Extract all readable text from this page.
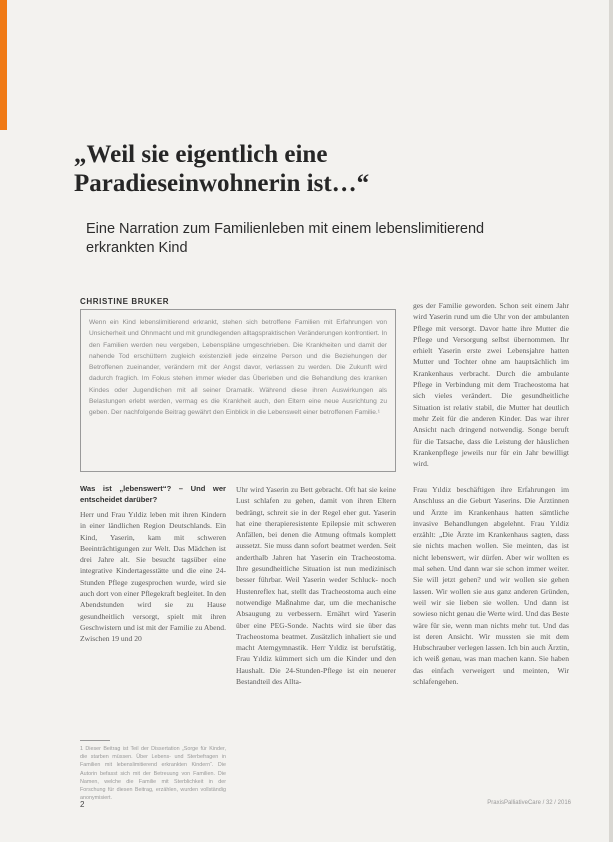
„Weil sie eigentlich eine Paradieseinwohnerin ist…“
Eine Narration zum Familienleben mit einem lebenslimitierend erkrankten Kind
CHRISTINE BRUKER

Wenn ein Kind lebenslimitierend erkrankt, stehen sich betroffene Familien mit Erfahrungen von Unsicherheit und Ohnmacht und mit grundlegenden alltagspraktischen Veränderungen konfrontiert. In den Familien werden neu vergeben, Lebenspläne umgeschrieben. Die Krankheiten und damit der nahende Tod erschüttern zugleich existenziell jede einzelne Person und die Beziehungen der Betroffenen zueinander, verändern mit der Angst davor, verlassen zu werden. Die Zukunft wird dadurch fraglich. Im Fokus stehen immer wieder das Überleben und die Behandlung des kranken Kindes oder Jugendlichen mit all seiner Dramatik. Während diese ihren Auswirkungen als Belastungen erlebt werden, vermag es die Krankheit auch, den Eltern eine neue Ausrichtung zu geben. Der nachfolgende Beitrag gewährt den Einblick in die Lebenswelt einer betroffenen Familie.¹

ges der Familie geworden. Schon seit einem Jahr wird Yaserin rund um die Uhr von der ambulanten Pflege mit versorgt. Davor hatte ihre Mutter die Pflege und Versorgung selbst übernommen. Ihr erhielt Yaserin erste zwei Lebensjahre hatten Mutter und Tochter ohne am hauptsächlich im Krankenhaus verbracht. Durch die ambulante Pflege in Verbindung mit dem Tracheostoma hat sich vieles verändert. Die gesundheitliche Situation ist relativ stabil, die Mutter hat deutlich mehr Zeit für die anderen Kinder. Das war ihrer Ansicht nach dringend notwendig. Songe beruft für die Tatsache, dass die Leistung der häuslichen Krankenpflege jeweils nur für ein Jahr bewilligt wird.

Was ist „lebenswert“? – Und wer entscheidet darüber?

Herr und Frau Yıldiz leben mit ihren Kindern in einer ländlichen Region Deutschlands. Ein Kind, Yaserin, kam mit schweren Beeinträchtigungen zur Welt. Das Mädchen ist drei Jahre alt. Sie besucht tagsüber eine integrative Kindertagesstätte und die eine 24-Stunden Pflege zugesprochen wurde, wird sie auch dort von einer Pflegekraft begleitet. In den Abendstunden wird sie zu Hause gesundheitlich versorgt, spielt mit ihren Geschwistern und ist mit der Familie zu Abend. Zwischen 19 und 20

Uhr wird Yaserin zu Bett gebracht. Oft hat sie keine Lust schlafen zu gehen, damit von ihren Eltern bedrängt, schreit sie in der Regel eher gut. Yaserin hat eine therapieresistente Epilepsie mit schweren Anfällen, bei denen die Atmung oftmals komplett aussetzt. Sie muss dann sofort beatmet werden. Seit anderthalb Jahren hat Yaserin ein Tracheostoma. Ihre gesundheitliche Situation ist nun medizinisch besser führbar. Weil Yaserin weder Schluck- noch Hustenreflex hat, stellt das Tracheostoma auch eine notwendige Maßnahme dar, um die mechanische Absaugung zu verbessern. Ernährt wird Yaserin über eine PEG-Sonde. Nachts wird sie über das Tracheostoma beatmet. Zusätzlich inhaliert sie und macht Atemgymnastik. Herr Yıldiz ist berufstätig, Frau Yıldiz kümmert sich um die Kinder und den Haushalt. Die 24-Stunden-Pflege ist ein neuerer Bestandteil des Allta-

Frau Yıldiz beschäftigen ihre Erfahrungen im Anschluss an die Geburt Yaserins. Die Ärztinnen und Ärzte im Krankenhaus hatten sämtliche invasive Behandlungen abgelehnt. Frau Yıldiz erzählt: „Die Ärzte im Krankenhaus sagten, dass sie nichts machen wollen. Sie meinten, das ist nicht lebenswert, wir dürfen. Aber wir wollten es mal sehen. Und dann war sie schon immer weiter. Sie will jetzt gehen? und wir wollen sie gehen lassen. Wir wollen sie aus ganz anderen Gründen, weil wir sie lieben sie wollen. Und dann ist sowieso nicht genau die Werte wird. Und das Beste wäre für sie, wenn man nichts mehr tut. Und das ist deren Ansicht. Wir mussten sie mit dem Hubschrauber verlegen lassen. Ich bin auch Ärztin, ich weiß genau, was man machen kann. Sie haben das einfach verweigert und meinten, Wir schlafengehen.

1 Dieser Beitrag ist Teil der Dissertation „Sorge für Kinder, die starben müssen. Über Lebens- und Sterbefragen in Familien mit lebenslimitierend erkrankten Kindern“. Die Autorin befasst sich mit der Betreuung von Familien. Die Namen, welche die Familie mit Sterblichkeit in der Forschung für diesen Beitrag, erzählen, wurden vollständig anonymisiert.
2	PraxisPalliativeCare / 32 / 2016
